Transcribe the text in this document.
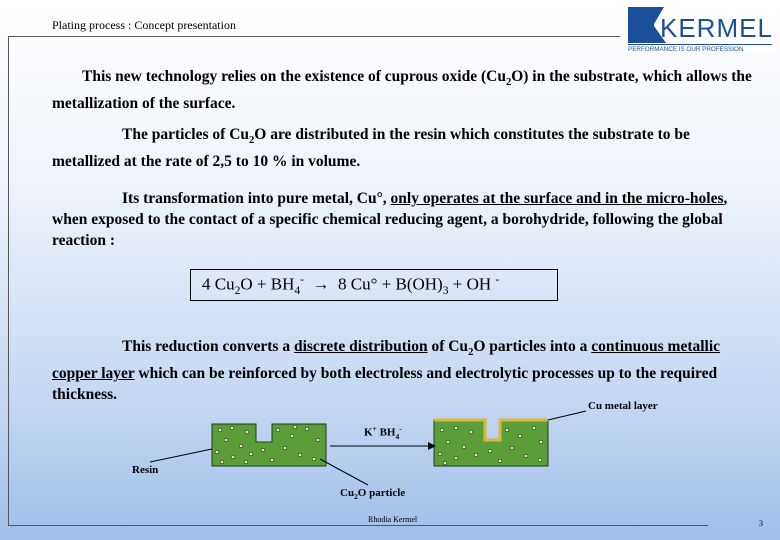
Plating process : Concept presentation	KERMEL
PERFORMANCE IS OUR PROFESSION
This new technology relies on the existence of cuprous oxide $(Cu_2O)$ in the substrate, which allows the metallization of the surface.
The particles of $Cu_2O$ are distributed in the resin which constitutes the substrate to be metallized at the rate of 2,5 to 10 % in volume.
Its transformation into pure metal, Cu°, only operates at the surface and in the micro-holes, when exposed to the contact of a specific chemical reducing agent, a borohydride, following the global reaction :
4 $Cu_2O + BH_4^- \to 8$ $Cu^\circ + B(OH)_3$ + OH -
This reduction converts a discrete distribution of $Cu_2O$ particles into a continuous metallic copper layer which can be reinforced by both electroless and electrolytic processes up to the required thickness.
Cu metal layer
K+ $BH_4^-$
Resin
$Cu_2O$ particle
Rhodia Kermel	3
